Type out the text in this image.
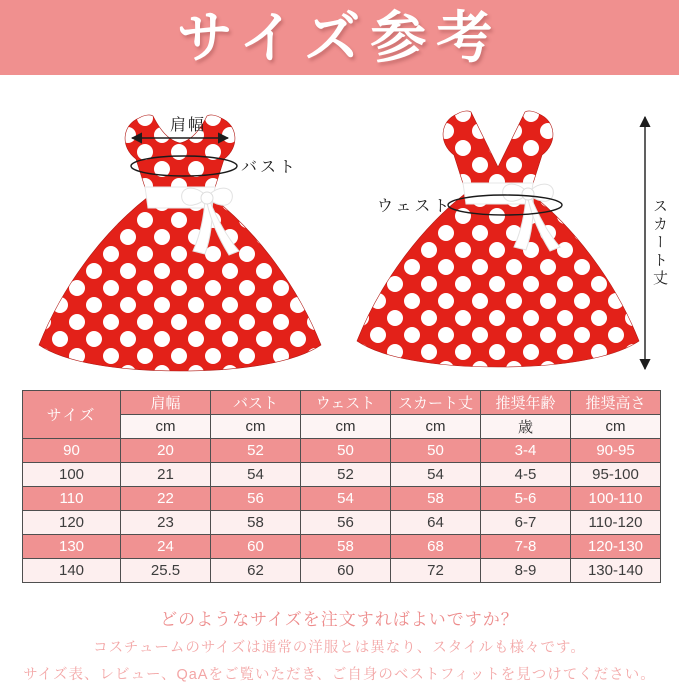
サイズ参考
肩幅
バスト
ウェスト	スカート丈
サイズ	肩幅	バスト	ウェスト	スカート丈	推奨年齢	推奨高さ
	cm	cm	cm	cm	歳	cm
90	20	52	50	50	3-4	90-95
100	21	54	52	54	4-5	95-100
110	22	56	54	58	5-6	100-110
120	23	58	56	64	6-7	110-120
130	24	60	58	68	7-8	120-130
140	25.5	62	60	72	8-9	130-140

どのようなサイズを注文すればよいですか？

コスチュームのサイズは通常の洋服とは異なり、スタイルも様々です。

サイズ表、レビュー、QaAをご覧いただき、ご自身のベストフィットを見つけてください。
